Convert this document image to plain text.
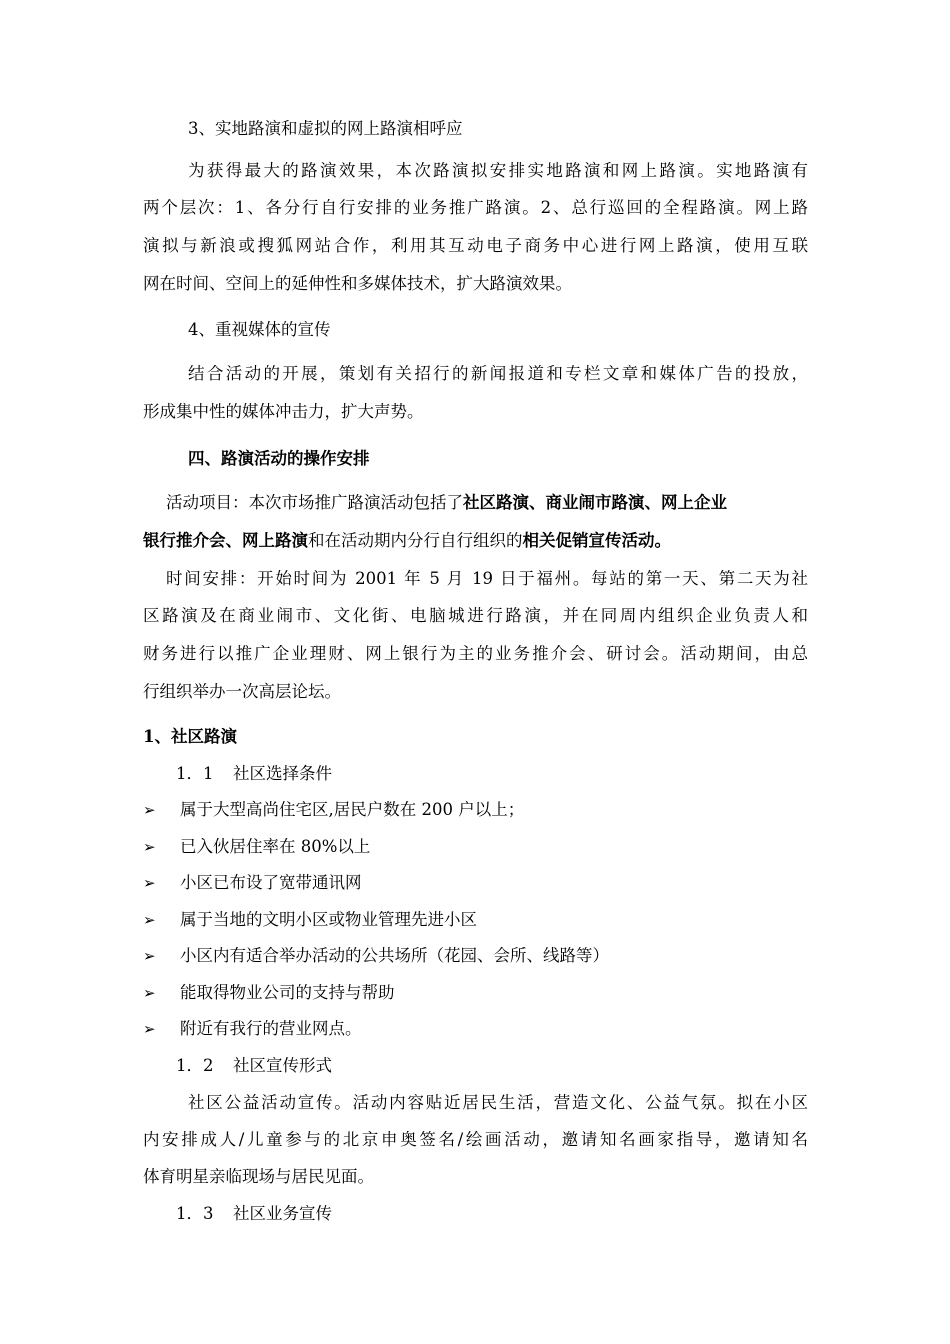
3、实地路演和虚拟的网上路演相呼应
为获得最大的路演效果，本次路演拟安排实地路演和网上路演。实地路演有
两个层次：1、各分行自行安排的业务推广路演。2、总行巡回的全程路演。网上路
演拟与新浪或搜狐网站合作，利用其互动电子商务中心进行网上路演，使用互联
网在时间、空间上的延伸性和多媒体技术，扩大路演效果。
4、重视媒体的宣传
结合活动的开展，策划有关招行的新闻报道和专栏文章和媒体广告的投放，
形成集中性的媒体冲击力，扩大声势。
四、路演活动的操作安排
活动项目：本次市场推广路演活动包括了社区路演、商业闹市路演、网上企业
银行推介会、网上路演和在活动期内分行自行组织的相关促销宣传活动。
时间安排：开始时间为 2001 年 5 月 19 日于福州。每站的第一天、第二天为社
区路演及在商业闹市、文化街、电脑城进行路演，并在同周内组织企业负责人和
财务进行以推广企业理财、网上银行为主的业务推介会、研讨会。活动期间，由总
行组织举办一次高层论坛。
1、社区路演
1．1 社区选择条件
➢	属于大型高尚住宅区,居民户数在 200 户以上；
➢	已入伙居住率在 80%以上
➢	小区已布设了宽带通讯网
➢	属于当地的文明小区或物业管理先进小区
➢	小区内有适合举办活动的公共场所（花园、会所、线路等）
➢	能取得物业公司的支持与帮助
➢	附近有我行的营业网点。
1．2 社区宣传形式
社区公益活动宣传。活动内容贴近居民生活，营造文化、公益气氛。拟在小区
内安排成人/儿童参与的北京申奥签名/绘画活动，邀请知名画家指导，邀请知名
体育明星亲临现场与居民见面。
1．3 社区业务宣传
